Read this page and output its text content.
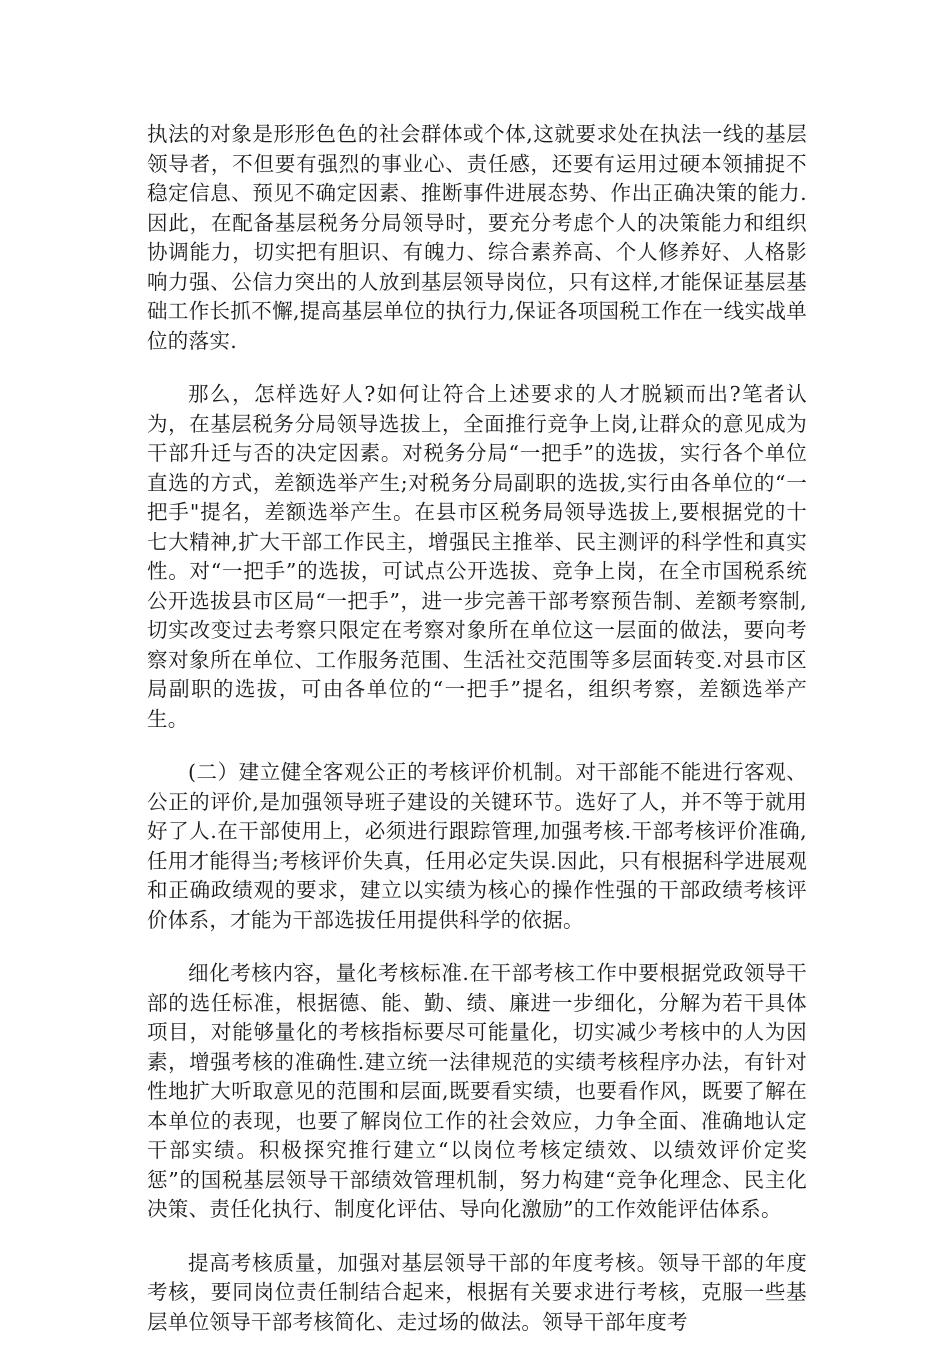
执法的对象是形形色色的社会群体或个体,这就要求处在执法一线的基层领导者，不但要有强烈的事业心、责任感，还要有运用过硬本领捕捉不稳定信息、预见不确定因素、推断事件进展态势、作出正确决策的能力.因此，在配备基层税务分局领导时，要充分考虑个人的决策能力和组织协调能力，切实把有胆识、有魄力、综合素养高、个人修养好、人格影响力强、公信力突出的人放到基层领导岗位，只有这样,才能保证基层基础工作长抓不懈,提高基层单位的执行力,保证各项国税工作在一线实战单位的落实.

那么，怎样选好人?如何让符合上述要求的人才脱颖而出?笔者认为，在基层税务分局领导选拔上，全面推行竞争上岗,让群众的意见成为干部升迁与否的决定因素。对税务分局“一把手”的选拔，实行各个单位直选的方式，差额选举产生;对税务分局副职的选拔,实行由各单位的“一把手"提名，差额选举产生。在县市区税务局领导选拔上,要根据党的十七大精神,扩大干部工作民主，增强民主推举、民主测评的科学性和真实性。对“一把手”的选拔，可试点公开选拔、竞争上岗，在全市国税系统公开选拔县市区局“一把手”，进一步完善干部考察预告制、差额考察制,切实改变过去考察只限定在考察对象所在单位这一层面的做法，要向考察对象所在单位、工作服务范围、生活社交范围等多层面转变.对县市区局副职的选拔，可由各单位的“一把手”提名，组织考察，差额选举产生。

(二）建立健全客观公正的考核评价机制。对干部能不能进行客观、公正的评价,是加强领导班子建设的关键环节。选好了人，并不等于就用好了人.在干部使用上，必须进行跟踪管理,加强考核.干部考核评价准确,任用才能得当;考核评价失真，任用必定失误.因此，只有根据科学进展观和正确政绩观的要求，建立以实绩为核心的操作性强的干部政绩考核评价体系，才能为干部选拔任用提供科学的依据。

细化考核内容，量化考核标准.在干部考核工作中要根据党政领导干部的选任标准，根据德、能、勤、绩、廉进一步细化，分解为若干具体项目，对能够量化的考核指标要尽可能量化，切实减少考核中的人为因素，增强考核的准确性.建立统一法律规范的实绩考核程序办法，有针对性地扩大听取意见的范围和层面,既要看实绩，也要看作风，既要了解在本单位的表现，也要了解岗位工作的社会效应，力争全面、准确地认定干部实绩。积极探究推行建立“以岗位考核定绩效、以绩效评价定奖惩”的国税基层领导干部绩效管理机制，努力构建“竞争化理念、民主化决策、责任化执行、制度化评估、导向化激励”的工作效能评估体系。

提高考核质量，加强对基层领导干部的年度考核。领导干部的年度考核，要同岗位责任制结合起来，根据有关要求进行考核，克服一些基层单位领导干部考核简化、走过场的做法。领导干部年度考
